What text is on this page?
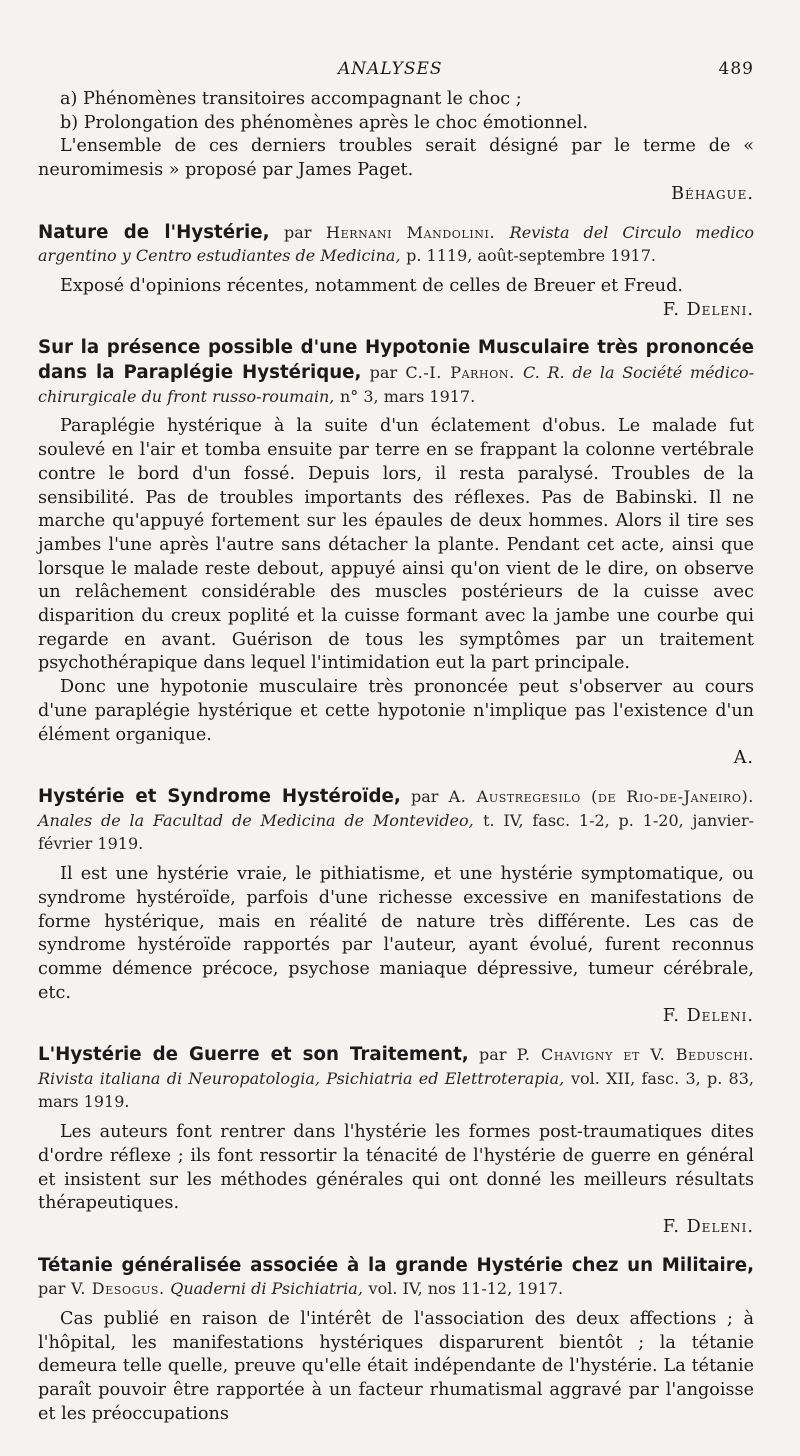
ANALYSES	489

a) Phénomènes transitoires accompagnant le choc ;

b) Prolongation des phénomènes après le choc émotionnel.

L'ensemble de ces derniers troubles serait désigné par le terme de « neuromimesis » proposé par James Paget.

Béhague.

Nature de l'Hystérie, par Hernani Mandolini. Revista del Circulo medico argentino y Centro estudiantes de Medicina, p. 1119, août-septembre 1917.

Exposé d'opinions récentes, notamment de celles de Breuer et Freud.

F. Deleni.

Sur la présence possible d'une Hypotonie Musculaire très prononcée dans la Paraplégie Hystérique, par C.-I. Parhon. C. R. de la Société médico-chirurgicale du front russo-roumain, n° 3, mars 1917.

Paraplégie hystérique à la suite d'un éclatement d'obus. Le malade fut soulevé en l'air et tomba ensuite par terre en se frappant la colonne vertébrale contre le bord d'un fossé. Depuis lors, il resta paralysé. Troubles de la sensibilité. Pas de troubles importants des réflexes. Pas de Babinski. Il ne marche qu'appuyé fortement sur les épaules de deux hommes. Alors il tire ses jambes l'une après l'autre sans détacher la plante. Pendant cet acte, ainsi que lorsque le malade reste debout, appuyé ainsi qu'on vient de le dire, on observe un relâchement considérable des muscles postérieurs de la cuisse avec disparition du creux poplité et la cuisse formant avec la jambe une courbe qui regarde en avant. Guérison de tous les symptômes par un traitement psychothérapique dans lequel l'intimidation eut la part principale.

Donc une hypotonie musculaire très prononcée peut s'observer au cours d'une paraplégie hystérique et cette hypotonie n'implique pas l'existence d'un élément organique.

A.

Hystérie et Syndrome Hystéroïde, par A. Austregesilo (de Rio-de-Janeiro). Anales de la Facultad de Medicina de Montevideo, t. IV, fasc. 1-2, p. 1-20, janvier-février 1919.

Il est une hystérie vraie, le pithiatisme, et une hystérie symptomatique, ou syndrome hystéroïde, parfois d'une richesse excessive en manifestations de forme hystérique, mais en réalité de nature très différente. Les cas de syndrome hystéroïde rapportés par l'auteur, ayant évolué, furent reconnus comme démence précoce, psychose maniaque dépressive, tumeur cérébrale, etc.

F. Deleni.

L'Hystérie de Guerre et son Traitement, par P. Chavigny et V. Beduschi. Rivista italiana di Neuropatologia, Psichiatria ed Elettroterapia, vol. XII, fasc. 3, p. 83, mars 1919.

Les auteurs font rentrer dans l'hystérie les formes post-traumatiques dites d'ordre réflexe ; ils font ressortir la ténacité de l'hystérie de guerre en général et insistent sur les méthodes générales qui ont donné les meilleurs résultats thérapeutiques.

F. Deleni.

Tétanie généralisée associée à la grande Hystérie chez un Militaire, par V. Desogus. Quaderni di Psichiatria, vol. IV, nos 11-12, 1917.

Cas publié en raison de l'intérêt de l'association des deux affections ; à l'hôpital, les manifestations hystériques disparurent bientôt ; la tétanie demeura telle quelle, preuve qu'elle était indépendante de l'hystérie. La tétanie paraît pouvoir être rapportée à un facteur rhumatismal aggravé par l'angoisse et les préoccupations
